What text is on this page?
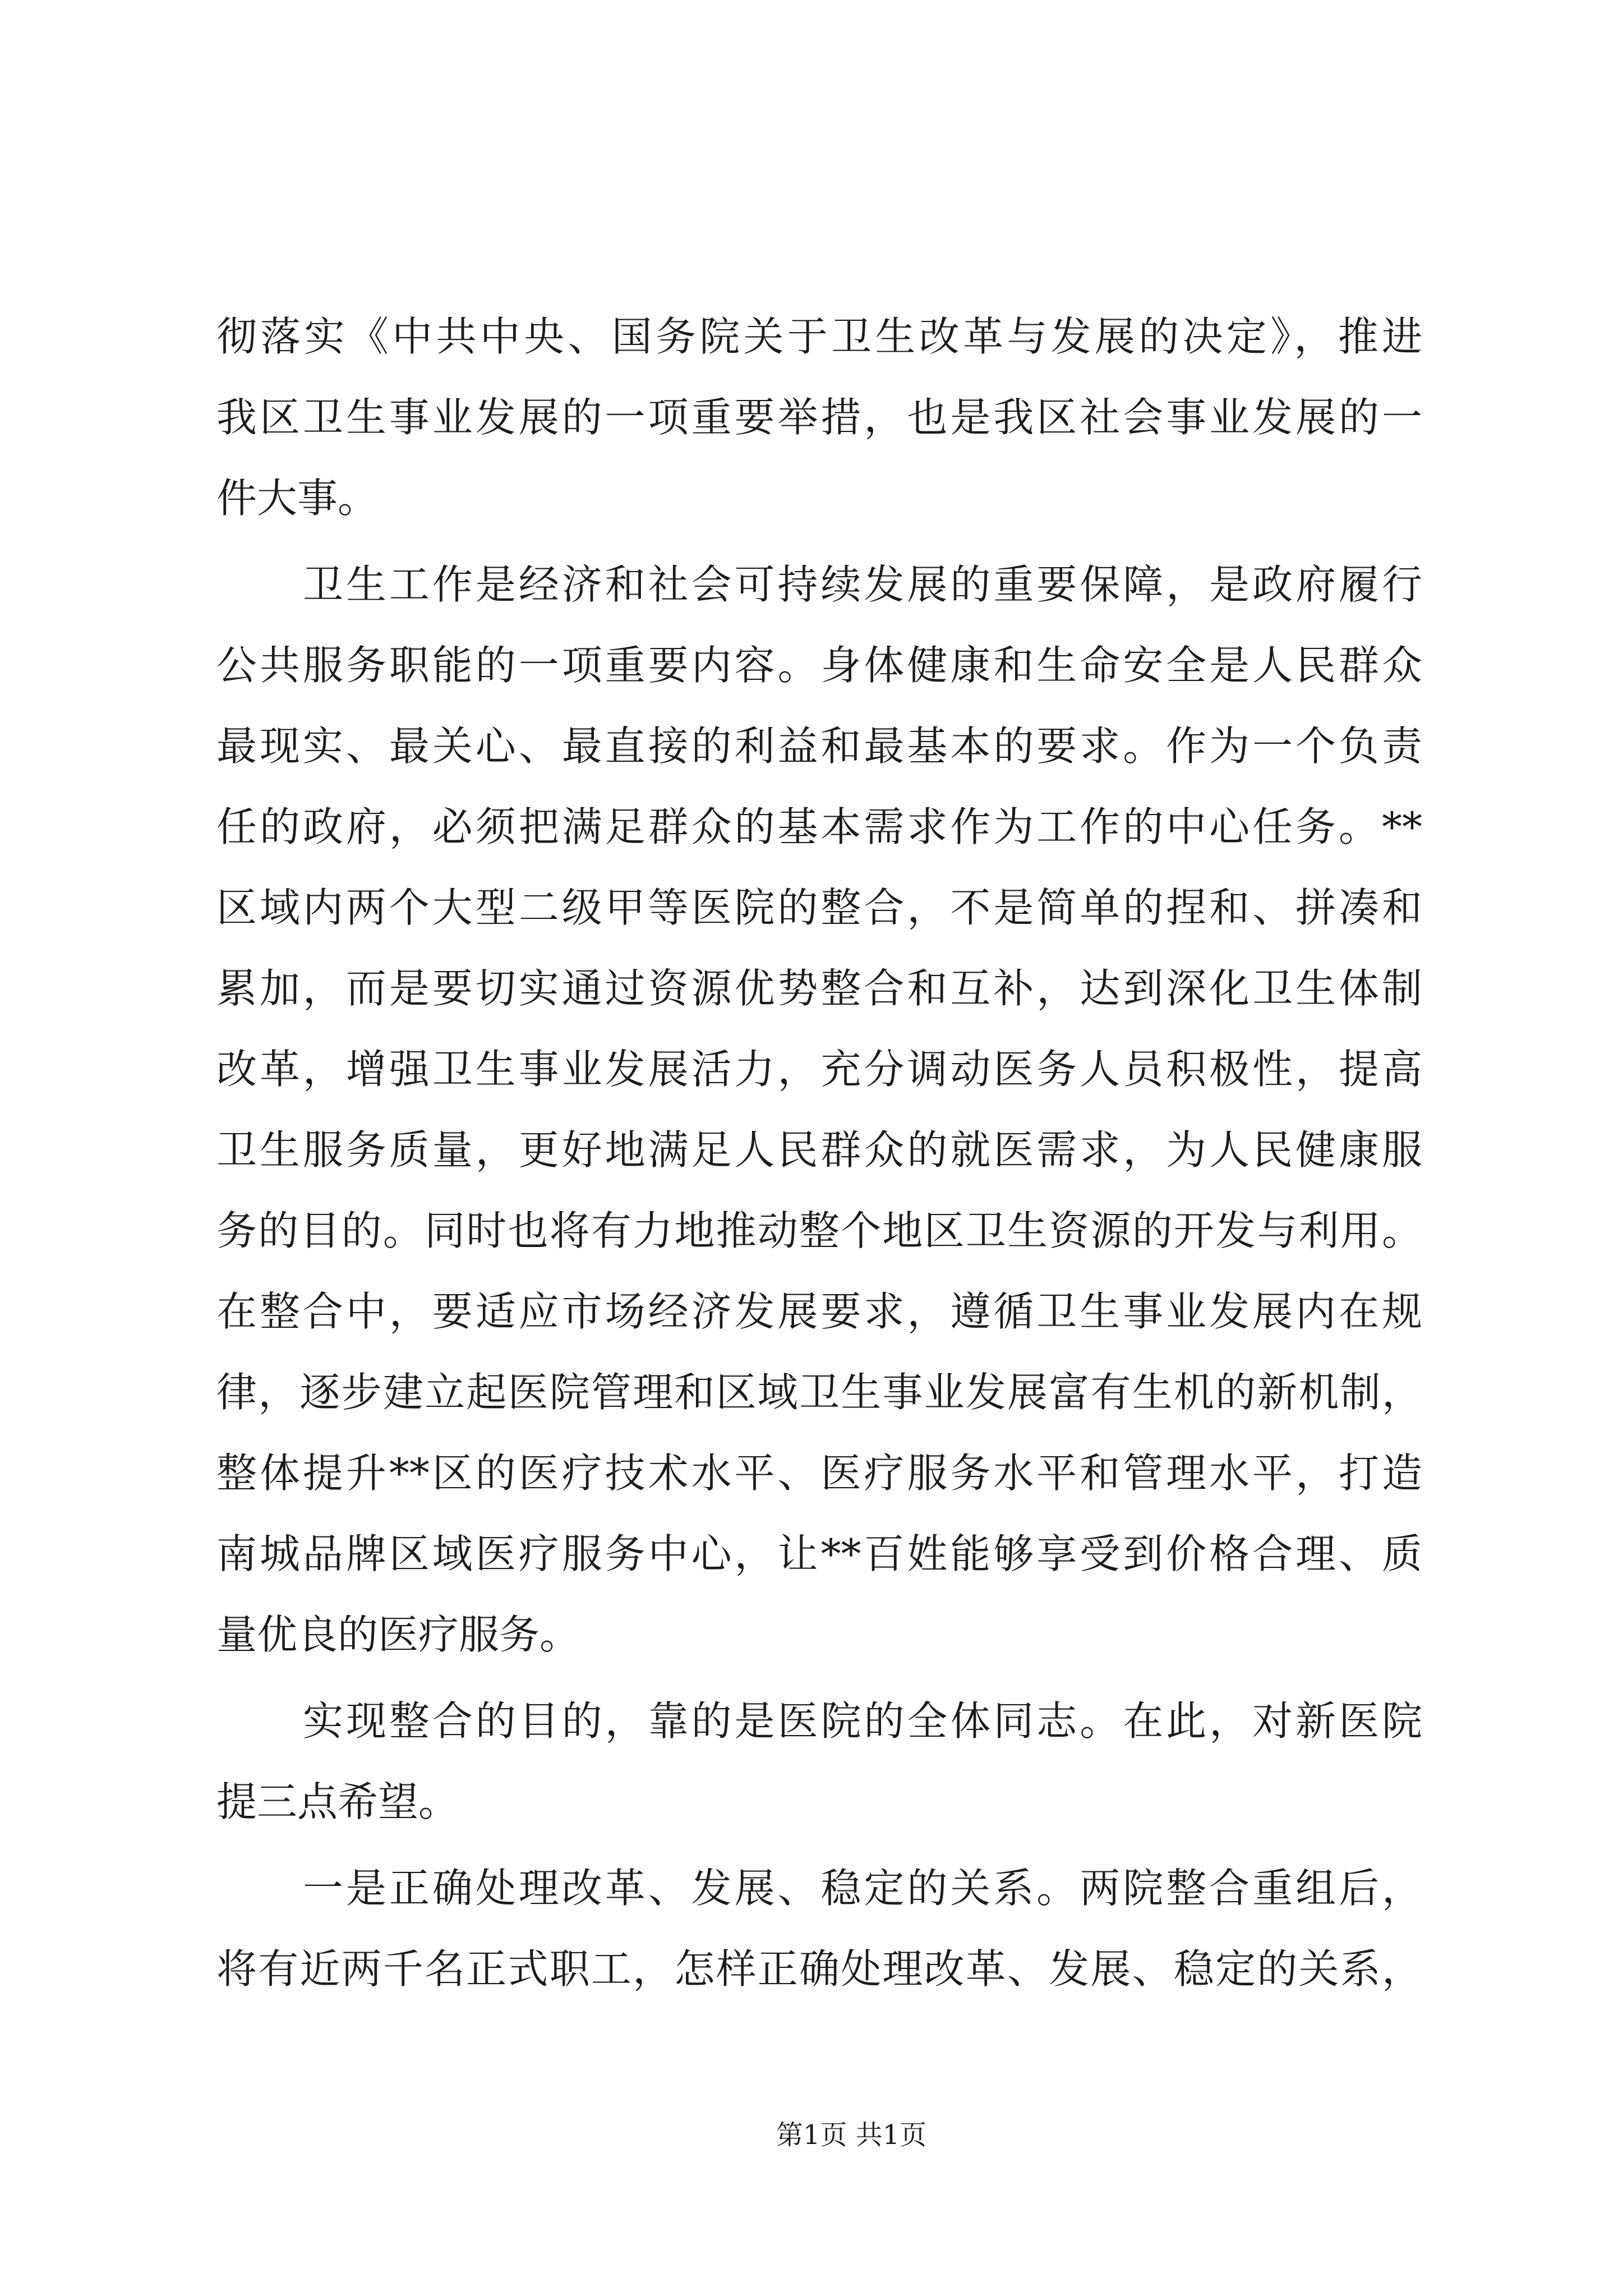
彻落实《中共中央、国务院关于卫生改革与发展的决定》，推进
我区卫生事业发展的一项重要举措，也是我区社会事业发展的一
件大事。
卫生工作是经济和社会可持续发展的重要保障，是政府履行
公共服务职能的一项重要内容。身体健康和生命安全是人民群众
最现实、最关心、最直接的利益和最基本的要求。作为一个负责
任的政府，必须把满足群众的基本需求作为工作的中心任务。**
区域内两个大型二级甲等医院的整合，不是简单的捏和、拼凑和
累加，而是要切实通过资源优势整合和互补，达到深化卫生体制
改革，增强卫生事业发展活力，充分调动医务人员积极性，提高
卫生服务质量，更好地满足人民群众的就医需求，为人民健康服
务的目的。同时也将有力地推动整个地区卫生资源的开发与利用。
在整合中，要适应市场经济发展要求，遵循卫生事业发展内在规
律，逐步建立起医院管理和区域卫生事业发展富有生机的新机制，
整体提升**区的医疗技术水平、医疗服务水平和管理水平，打造
南城品牌区域医疗服务中心，让**百姓能够享受到价格合理、质
量优良的医疗服务。
实现整合的目的，靠的是医院的全体同志。在此，对新医院
提三点希望。
一是正确处理改革、发展、稳定的关系。两院整合重组后，
将有近两千名正式职工，怎样正确处理改革、发展、稳定的关系，
第1页 共1页
